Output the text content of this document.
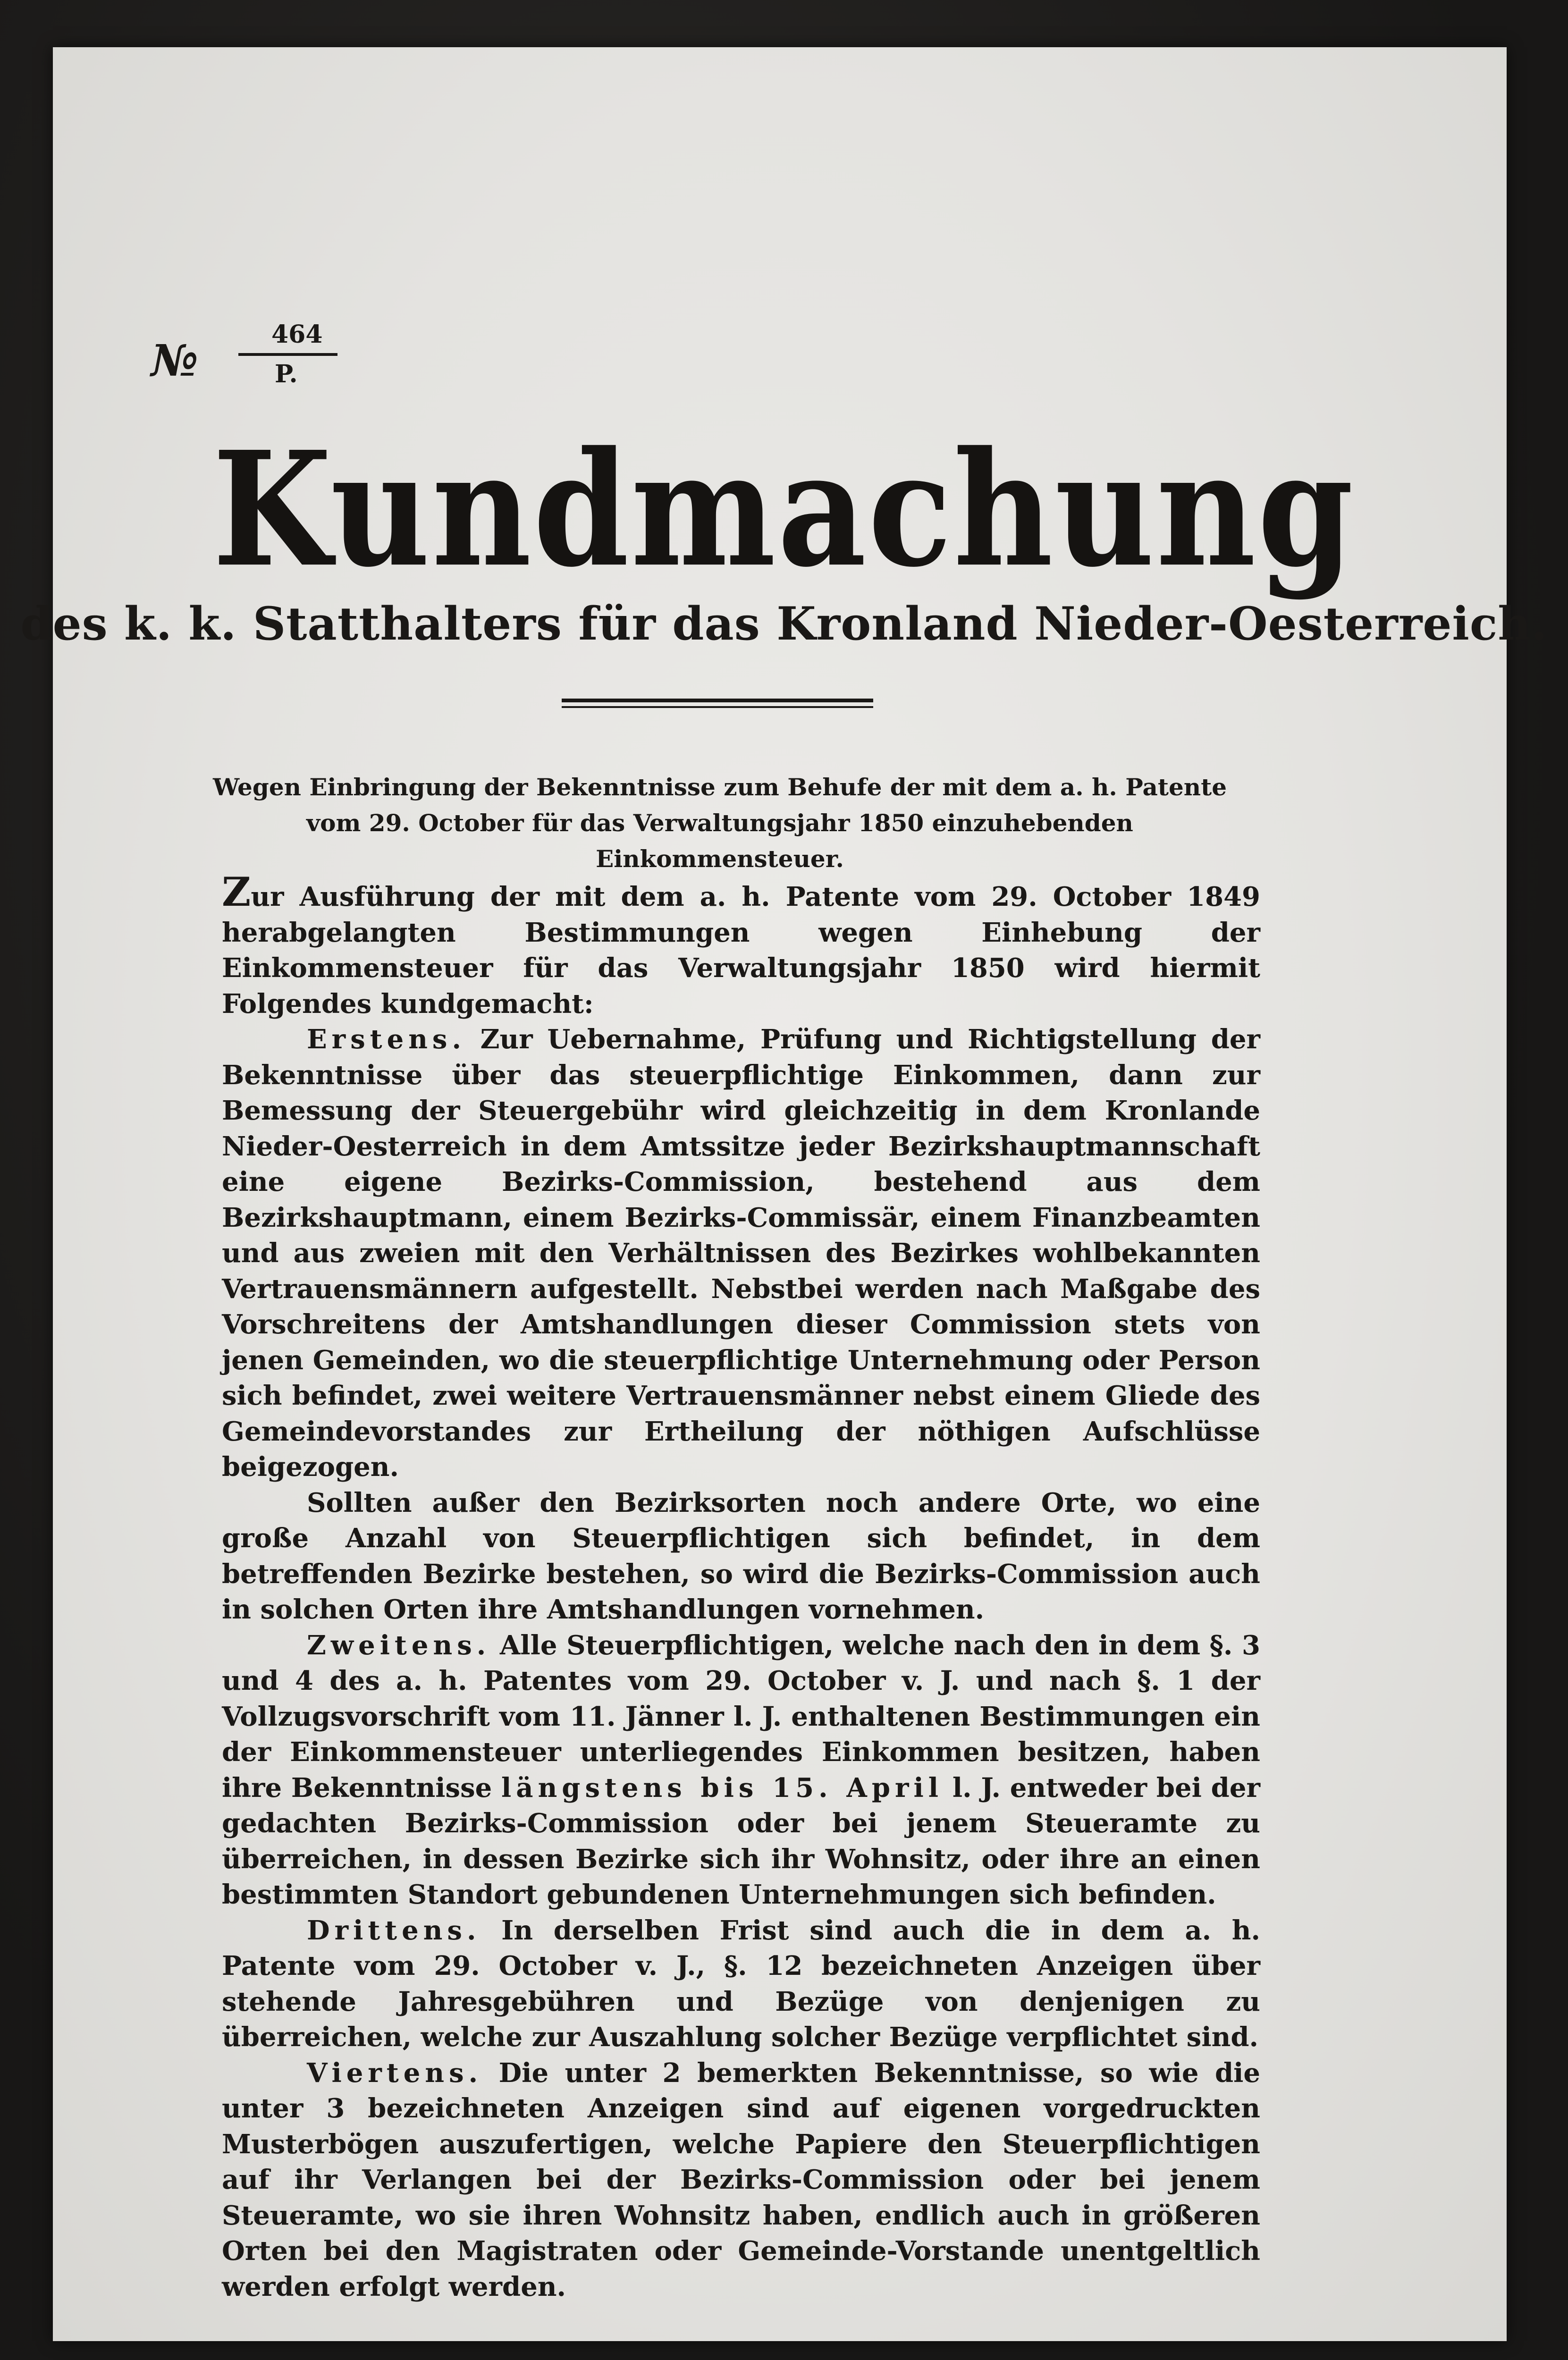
№
464
P.
Kundmachung
des k. k. Statthalters für das Kronland Nieder-Oesterreich.
Wegen Einbringung der Bekenntnisse zum Behufe der mit dem a. h. Patente vom 29. October für das Verwaltungsjahr 1850 einzuhebenden Einkommensteuer.

Zur Ausführung der mit dem a. h. Patente vom 29. October 1849 herabgelangten Bestimmungen wegen Einhebung der Einkommensteuer für das Verwaltungsjahr 1850 wird hiermit Folgendes kundgemacht:

Erstens. Zur Uebernahme, Prüfung und Richtigstellung der Bekenntnisse über das steuerpflichtige Einkommen, dann zur Bemessung der Steuergebühr wird gleichzeitig in dem Kronlande Nieder-Oesterreich in dem Amtssitze jeder Bezirkshauptmannschaft eine eigene Bezirks-Commission, bestehend aus dem Bezirkshauptmann, einem Bezirks-Commissär, einem Finanzbeamten und aus zweien mit den Verhältnissen des Bezirkes wohlbekannten Vertrauensmännern aufgestellt. Nebstbei werden nach Maßgabe des Vorschreitens der Amtshandlungen dieser Commission stets von jenen Gemeinden, wo die steuerpflichtige Unternehmung oder Person sich befindet, zwei weitere Vertrauensmänner nebst einem Gliede des Gemeindevorstandes zur Ertheilung der nöthigen Aufschlüsse beigezogen.

Sollten außer den Bezirksorten noch andere Orte, wo eine große Anzahl von Steuerpflichtigen sich befindet, in dem betreffenden Bezirke bestehen, so wird die Bezirks-Commission auch in solchen Orten ihre Amtshandlungen vornehmen.

Zweitens. Alle Steuerpflichtigen, welche nach den in dem §. 3 und 4 des a. h. Patentes vom 29. October v. J. und nach §. 1 der Vollzugsvorschrift vom 11. Jänner l. J. enthaltenen Bestimmungen ein der Einkommensteuer unterliegendes Einkommen besitzen, haben ihre Bekenntnisse längstens bis 15. April l. J. entweder bei der gedachten Bezirks-Commission oder bei jenem Steueramte zu überreichen, in dessen Bezirke sich ihr Wohnsitz, oder ihre an einen bestimmten Standort gebundenen Unternehmungen sich befinden.

Drittens. In derselben Frist sind auch die in dem a. h. Patente vom 29. October v. J., §. 12 bezeichneten Anzeigen über stehende Jahresgebühren und Bezüge von denjenigen zu überreichen, welche zur Auszahlung solcher Bezüge verpflichtet sind.

Viertens. Die unter 2 bemerkten Bekenntnisse, so wie die unter 3 bezeichneten Anzeigen sind auf eigenen vorgedruckten Musterbögen auszufertigen, welche Papiere den Steuerpflichtigen auf ihr Verlangen bei der Bezirks-Commission oder bei jenem Steueramte, wo sie ihren Wohnsitz haben, endlich auch in größeren Orten bei den Magistraten oder Gemeinde-Vorstande unentgeltlich werden erfolgt werden.
